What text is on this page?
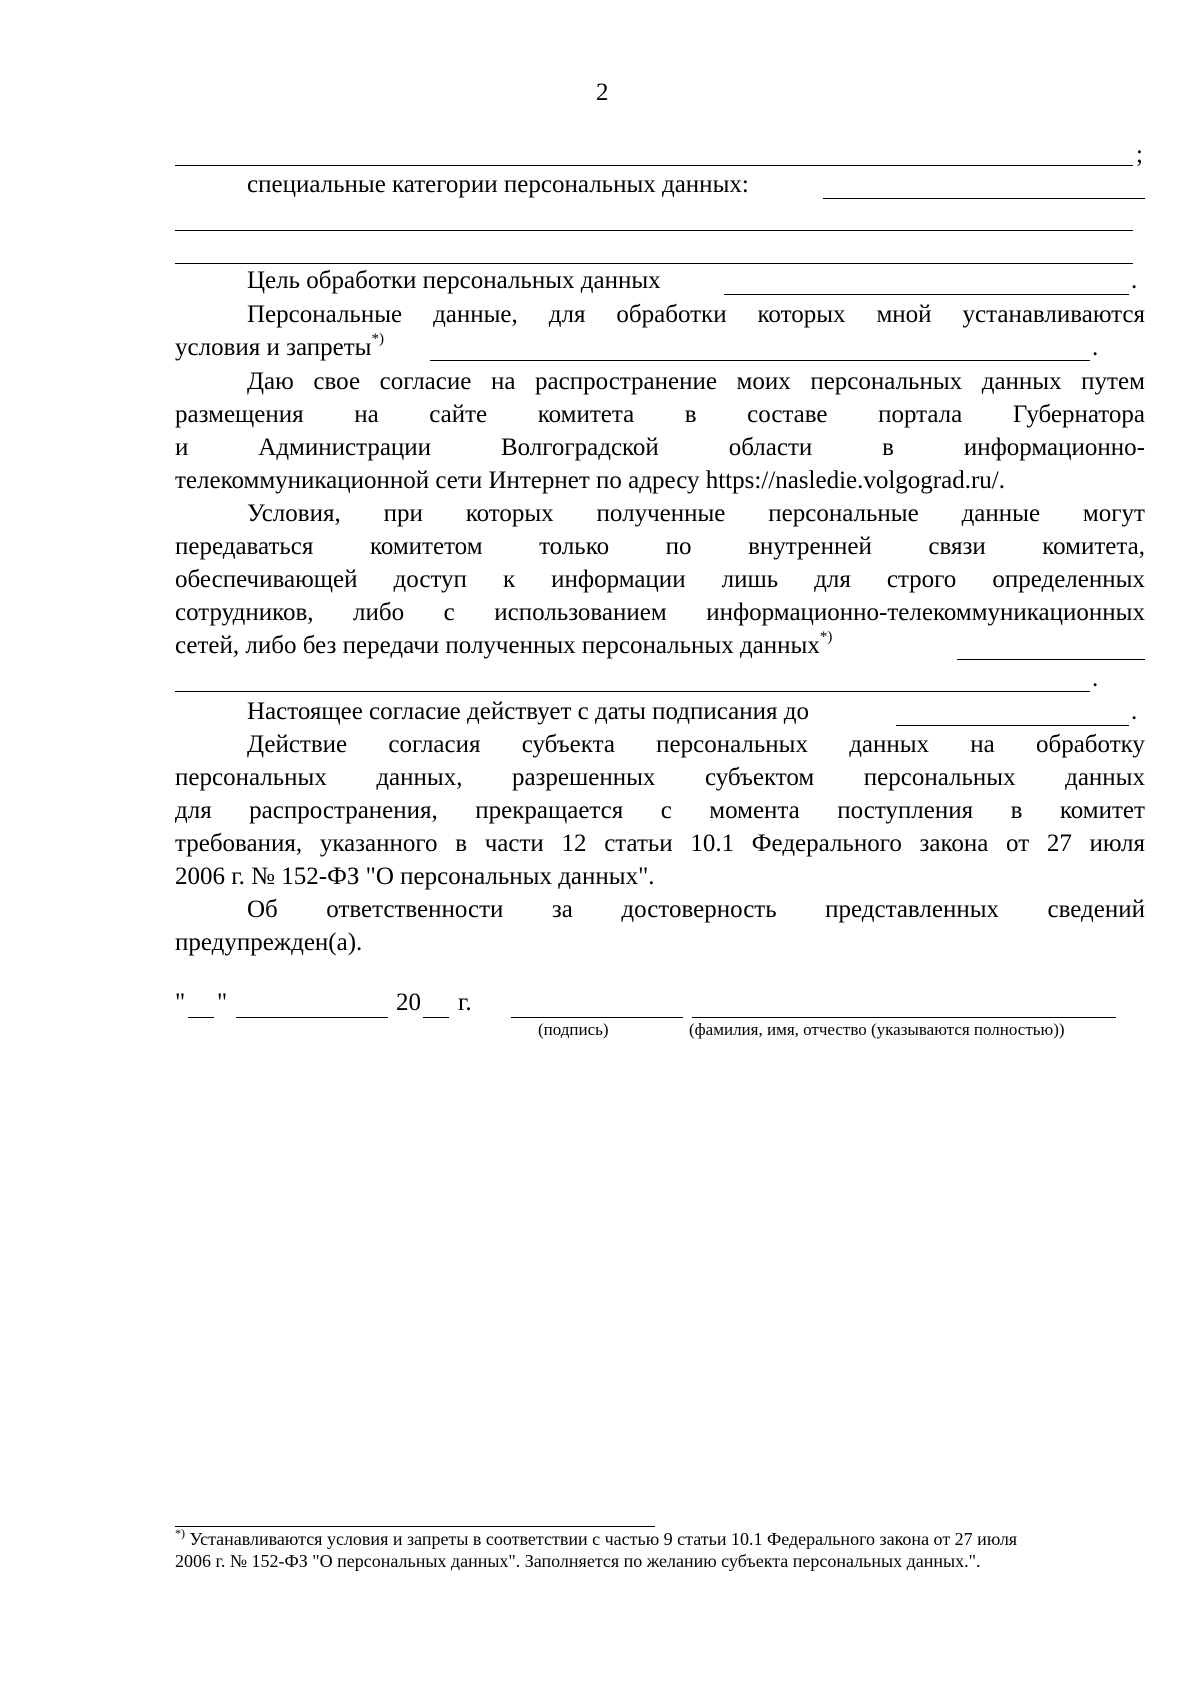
2
;
специальные категории персональных данных:
Цель обработки персональных данных	.
Персональные данные, для обработки которых мной устанавливаются
условия и запреты*)	.
Даю свое согласие на распространение моих персональных данных путем
размещения на сайте комитета в составе портала Губернатора
и	Администрации	Волгоградской	области	в	информационно-
телекоммуникационной сети Интернет по адресу https://nasledie.volgograd.ru/.
Условия, при которых полученные персональные данные могут
передаваться комитетом только по внутренней связи комитета,
обеспечивающей доступ к информации лишь для строго определенных
сотрудников, либо с использованием информационно-телекоммуникационных
сетей, либо без передачи полученных персональных данных*)
.
Настоящее согласие действует с даты подписания до	.
Действие согласия субъекта персональных данных на обработку
персональных данных, разрешенных субъектом персональных данных
для распространения, прекращается с момента поступления в комитет
требования, указанного в части 12 статьи 10.1 Федерального закона от 27 июля
2006 г. № 152-ФЗ "О персональных данных".
Об ответственности за достоверность представленных сведений
предупрежден(а).
" "	20 г.
(подпись)	(фамилия, имя, отчество (указываются полностью))
*) Устанавливаются условия и запреты в соответствии с частью 9 статьи 10.1 Федерального закона от 27 июля
2006 г. № 152-ФЗ "О персональных данных". Заполняется по желанию субъекта персональных данных.".
